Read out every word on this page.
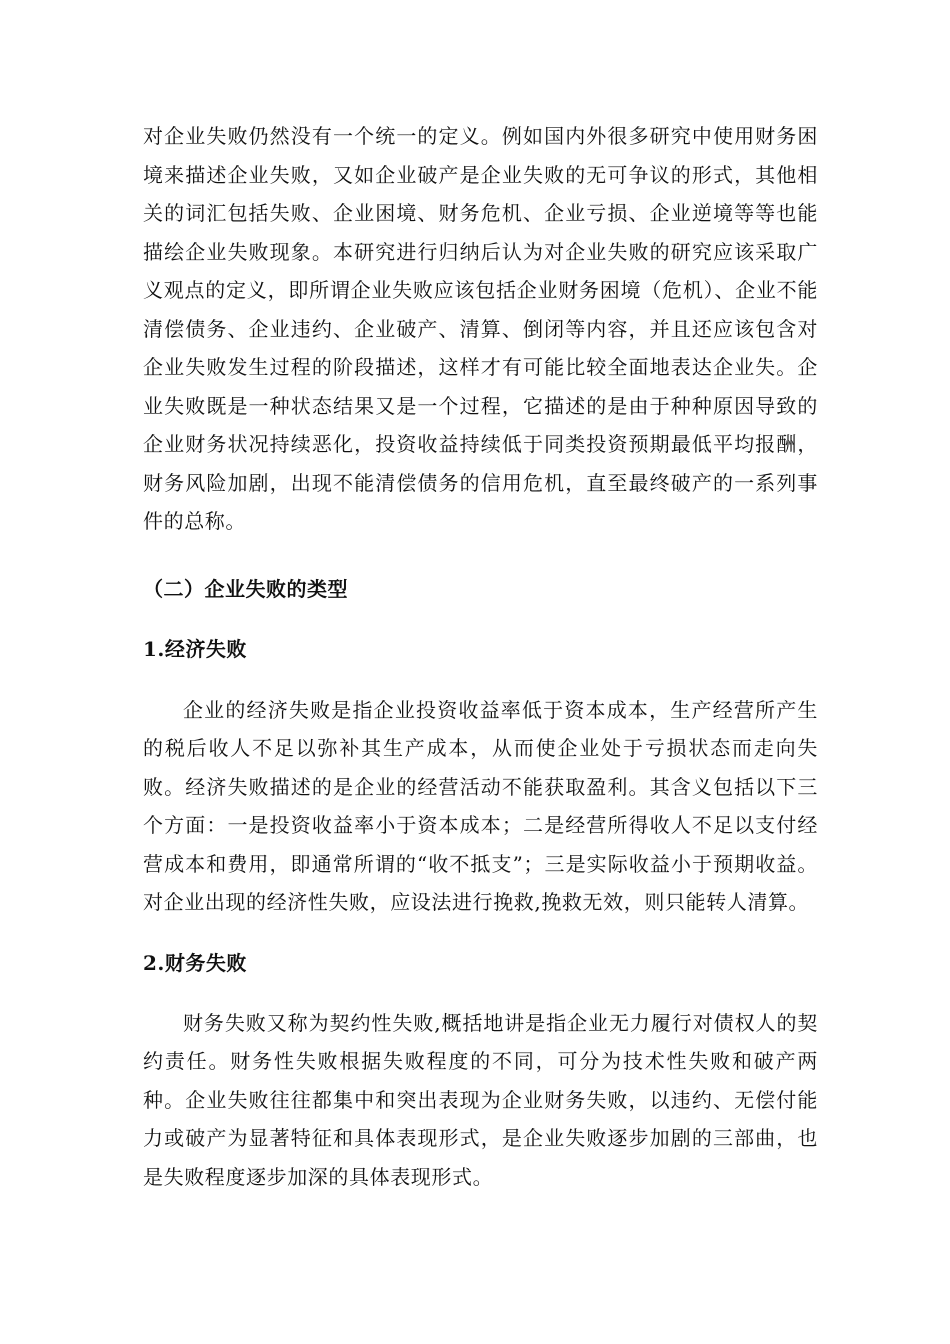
对企业失败仍然没有一个统一的定义。例如国内外很多研究中使用财务困境来描述企业失败，又如企业破产是企业失败的无可争议的形式，其他相关的词汇包括失败、企业困境、财务危机、企业亏损、企业逆境等等也能描绘企业失败现象。本研究进行归纳后认为对企业失败的研究应该采取广义观点的定义，即所谓企业失败应该包括企业财务困境（危机）、企业不能清偿债务、企业违约、企业破产、清算、倒闭等内容，并且还应该包含对企业失败发生过程的阶段描述，这样才有可能比较全面地表达企业失。企业失败既是一种状态结果又是一个过程，它描述的是由于种种原因导致的企业财务状况持续恶化，投资收益持续低于同类投资预期最低平均报酬，财务风险加剧，出现不能清偿债务的信用危机，直至最终破产的一系列事件的总称。

（二）企业失败的类型
1.经济失败

企业的经济失败是指企业投资收益率低于资本成本，生产经营所产生的税后收人不足以弥补其生产成本，从而使企业处于亏损状态而走向失败。经济失败描述的是企业的经营活动不能获取盈利。其含义包括以下三个方面：一是投资收益率小于资本成本；二是经营所得收人不足以支付经营成本和费用，即通常所谓的“收不抵支”；三是实际收益小于预期收益。对企业出现的经济性失败，应设法进行挽救,挽救无效，则只能转人清算。

2.财务失败

财务失败又称为契约性失败,概括地讲是指企业无力履行对债权人的契约责任。财务性失败根据失败程度的不同，可分为技术性失败和破产两种。企业失败往往都集中和突出表现为企业财务失败，以违约、无偿付能力或破产为显著特征和具体表现形式，是企业失败逐步加剧的三部曲，也是失败程度逐步加深的具体表现形式。
